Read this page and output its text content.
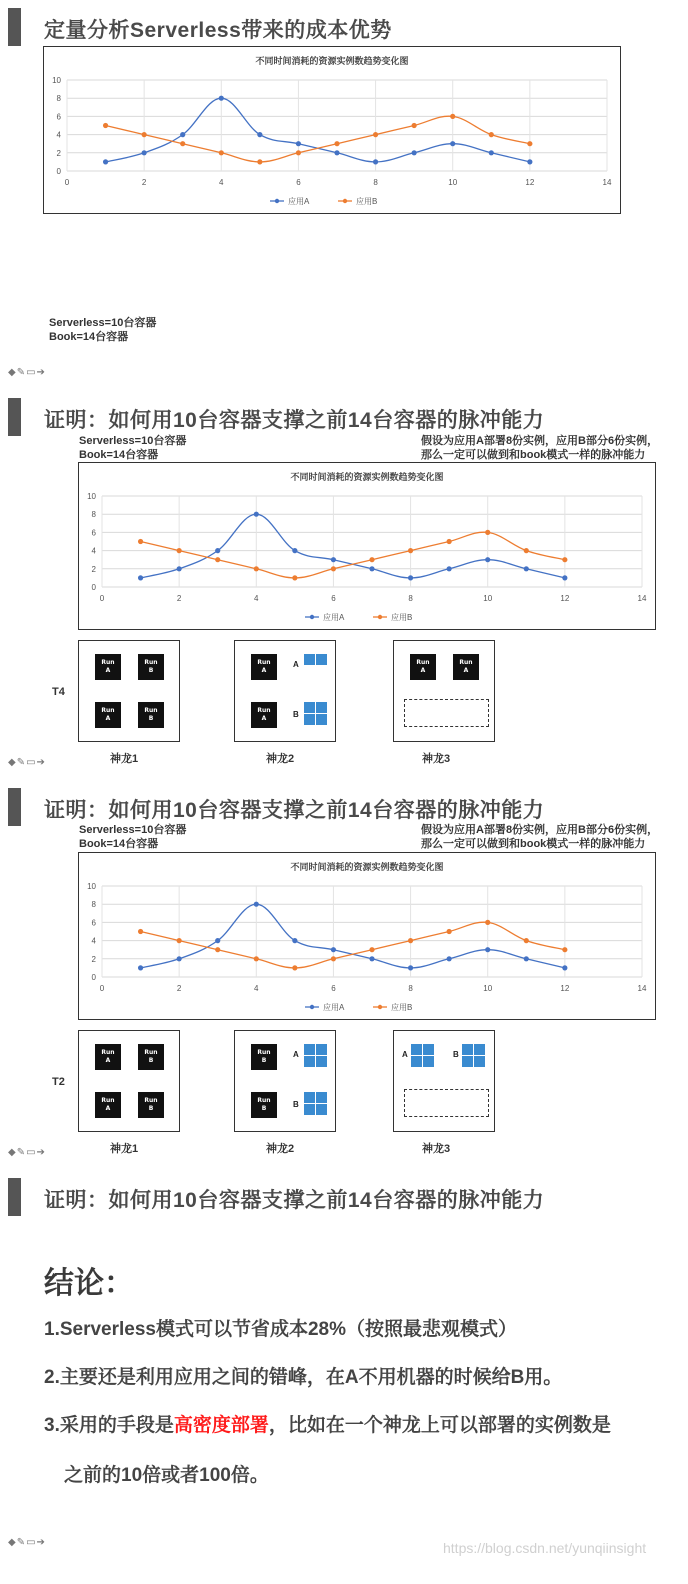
定量分析Serverless带来的成本优势
不同时间消耗的资源实例数趋势变化图
0
2
4
6
8
10
0	2	4	6	8	10	12	14
应用A	应用B
Serverless=10台容器
Book=14台容器
◆✎▭➔
证明：如何用10台容器支撑之前14台容器的脉冲能力
Serverless=10台容器
Book=14台容器
假设为应用A部署8份实例，应用B部分6份实例，
那么一定可以做到和book模式一样的脉冲能力
不同时间消耗的资源实例数趋势变化图
0
2
4
6
8
10
0	2	4	6	8	10	12	14
应用A	应用B
T4
Run
A
Run
B
Run
A
Run
B
Run
A
A
Run
A	B
Run
A
Run
A
神龙1	神龙2	神龙3
◆✎▭➔
证明：如何用10台容器支撑之前14台容器的脉冲能力
Serverless=10台容器
Book=14台容器
假设为应用A部署8份实例，应用B部分6份实例，
那么一定可以做到和book模式一样的脉冲能力
不同时间消耗的资源实例数趋势变化图
0
2
4
6
8
10
0	2	4	6	8	10	12	14
应用A	应用B
T2
Run
A
Run
B
Run
A
Run
B
Run
B
A
Run
B	B
A	B
神龙1	神龙2	神龙3
◆✎▭➔
证明：如何用10台容器支撑之前14台容器的脉冲能力
结论：
1.Serverless模式可以节省成本28%（按照最悲观模式）
2.主要还是利用应用之间的错峰，在A不用机器的时候给B用。
3.采用的手段是高密度部署，比如在一个神龙上可以部署的实例数是
之前的10倍或者100倍。
◆✎▭➔	https://blog.csdn.net/yunqiinsight
